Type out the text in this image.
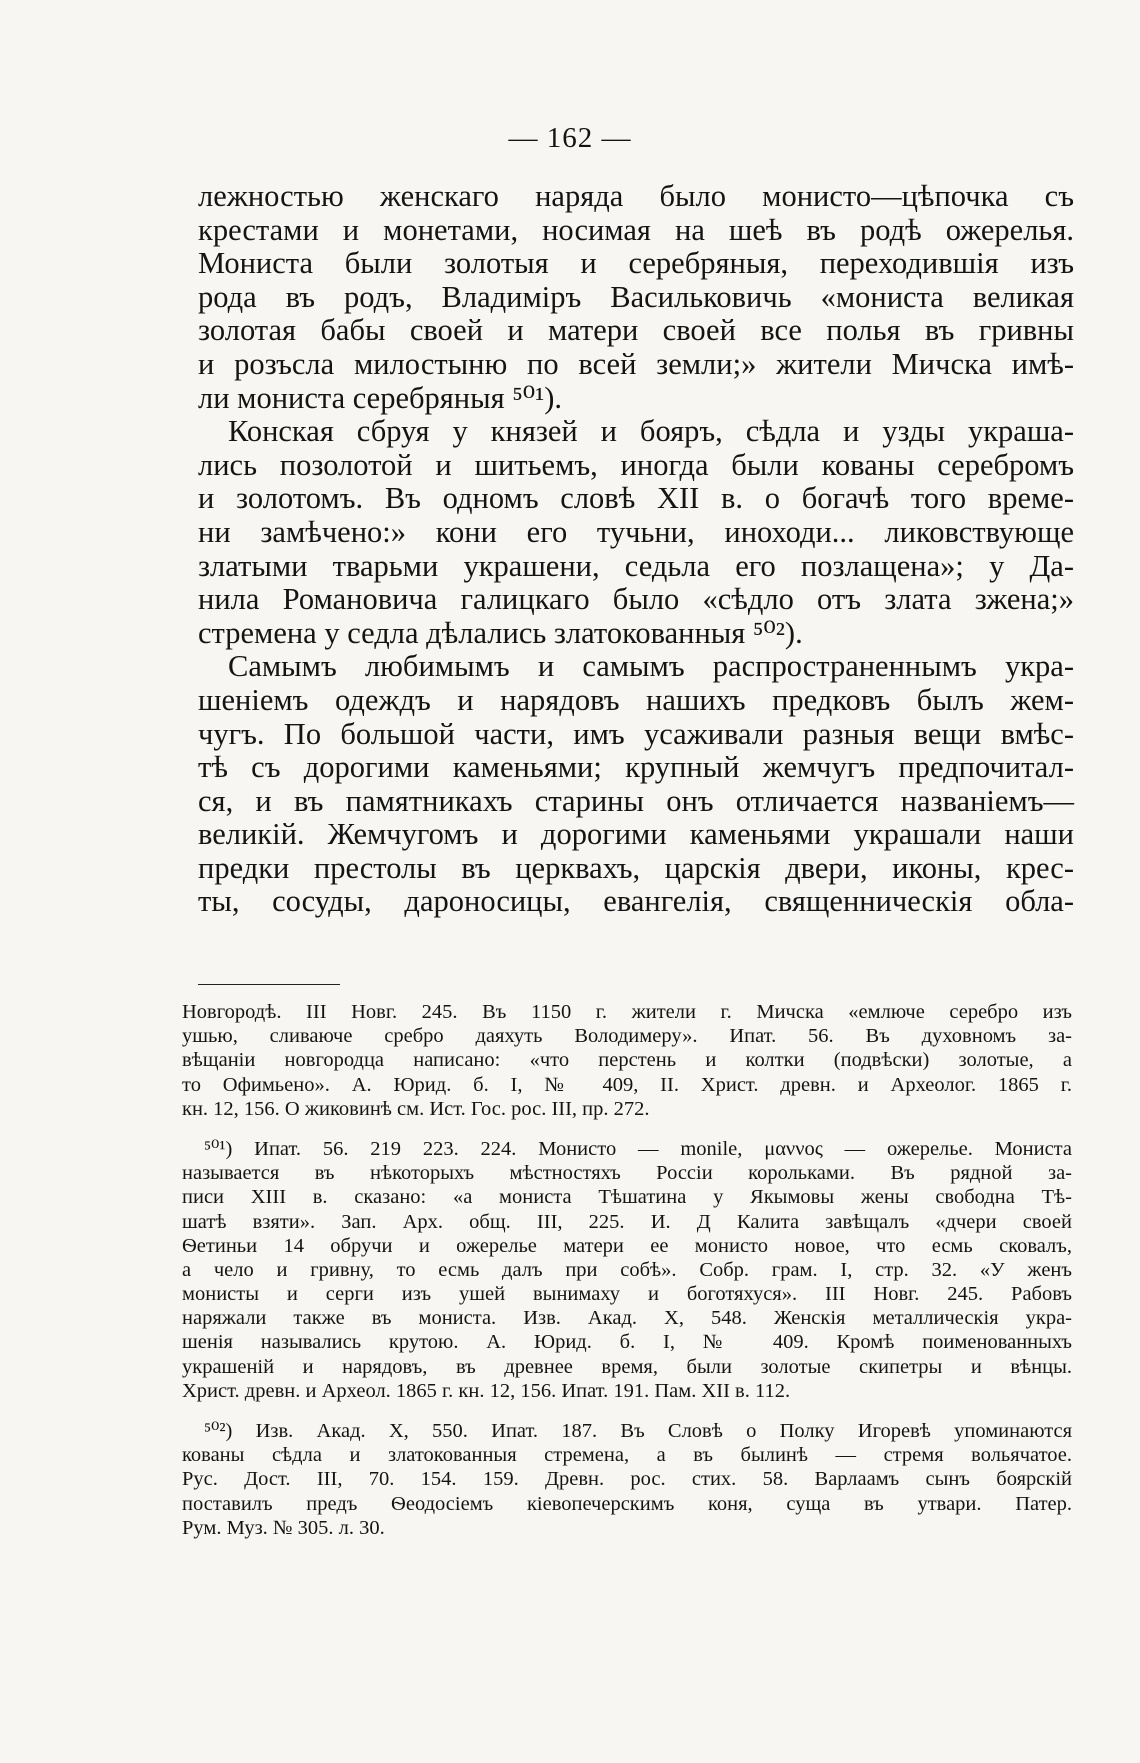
— 162 —
лежностью женскаго наряда было монисто—цѣпочка съ
крестами и монетами, носимая на шеѣ въ родѣ ожерелья.
Мониста были золотыя и серебряныя, переходившія изъ
рода въ родъ, Владиміръ Васильковичь «мониста великая
золотая бабы своей и матери своей все полья въ гривны
и розъсла милостыню по всей земли;» жители Мичска имѣ-
ли мониста серебряныя ⁵⁰¹).
Конская сбруя у князей и бояръ, сѣдла и узды украша-
лись позолотой и шитьемъ, иногда были кованы серебромъ
и золотомъ. Въ одномъ словѣ XII в. о богачѣ того време-
ни замѣчено:» кони его тучьни, иноходи... ликовствующе
златыми тварьми украшени, седьла его позлащена»; у Да-
нила Романовича галицкаго было «сѣдло отъ злата зжена;»
стремена у седла дѣлались златокованныя ⁵⁰²).
Самымъ любимымъ и самымъ распространеннымъ укра-
шеніемъ одеждъ и нарядовъ нашихъ предковъ былъ жем-
чугъ. По большой части, имъ усаживали разныя вещи вмѣс-
тѣ съ дорогими каменьями; крупный жемчугъ предпочитал-
ся, и въ памятникахъ старины онъ отличается названіемъ—
великій. Жемчугомъ и дорогими каменьями украшали наши
предки престолы въ церквахъ, царскія двери, иконы, крес-
ты, сосуды, дароносицы, евангелія, священническія обла-
Новгородѣ. III Новг. 245. Въ 1150 г. жители г. Мичска «емлюче серебро изъ
ушью, сливаюче сребро даяхуть Володимеру». Ипат. 56. Въ духовномъ за-
вѣщаніи новгородца написано: «что перстень и колтки (подвѣски) золотые, а
то Офимьено». А. Юрид. б. I, № 409, II. Христ. древн. и Археолог. 1865 г.
кн. 12, 156. О жиковинѣ см. Ист. Гос. рос. III, пр. 272.
⁵⁰¹) Ипат. 56. 219 223. 224. Монисто — monile, μαννος — ожерелье. Мониста
называется въ нѣкоторыхъ мѣстностяхъ Россіи корольками. Въ рядной за-
писи XIII в. сказано: «а мониста Тѣшатина у Якымовы жены свободна Тѣ-
шатѣ взяти». Зап. Арх. общ. III, 225. И. Д Калита завѣщалъ «дчери своей
Ѳетиньи 14 обручи и ожерелье матери ее монисто новое, что есмь сковалъ,
а чело и гривну, то есмь далъ при собѣ». Собр. грам. I, стр. 32. «У женъ
монисты и серги изъ ушей вынимаху и боготяхуся». III Новг. 245. Рабовъ
наряжали также въ мониста. Изв. Акад. X, 548. Женскія металлическія укра-
шенія назывались крутою. А. Юрид. б. I, № 409. Кромѣ поименованныхъ
украшеній и нарядовъ, въ древнее время, были золотые скипетры и вѣнцы.
Христ. древн. и Археол. 1865 г. кн. 12, 156. Ипат. 191. Пам. XII в. 112.
⁵⁰²) Изв. Акад. X, 550. Ипат. 187. Въ Словѣ о Полку Игоревѣ упоминаются
кованы сѣдла и златокованныя стремена, а въ былинѣ — стремя вольячатое.
Рус. Дост. III, 70. 154. 159. Древн. рос. стих. 58. Варлаамъ сынъ боярскій
поставилъ предъ Ѳеодосіемъ кіевопечерскимъ коня, суща въ утвари. Патер.
Рум. Муз. № 305. л. 30.
